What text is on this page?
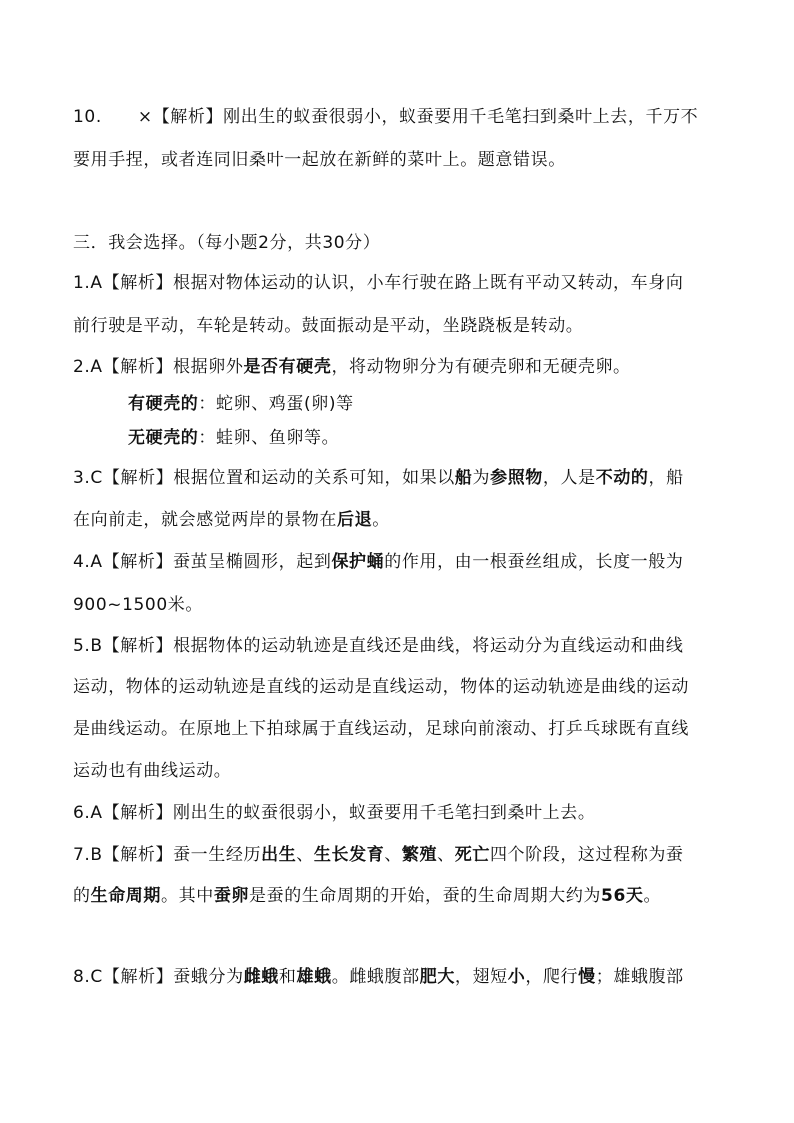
10. ×【解析】刚出生的蚁蚕很弱小，蚁蚕要用千毛笔扫到桑叶上去，千万不
要用手捏，或者连同旧桑叶一起放在新鲜的菜叶上。题意错误。
三．我会选择。（每小题2分，共30分）
1.A【解析】根据对物体运动的认识，小车行驶在路上既有平动又转动，车身向
前行驶是平动，车轮是转动。鼓面振动是平动，坐跷跷板是转动。
2.A【解析】根据卵外是否有硬壳，将动物卵分为有硬壳卵和无硬壳卵。
有硬壳的：蛇卵、鸡蛋(卵)等
无硬壳的：蛙卵、鱼卵等。
3.C【解析】根据位置和运动的关系可知，如果以船为参照物，人是不动的，船
在向前走，就会感觉两岸的景物在后退。
4.A【解析】蚕茧呈椭圆形，起到保护蛹的作用，由一根蚕丝组成，长度一般为
900~1500米。
5.B【解析】根据物体的运动轨迹是直线还是曲线，将运动分为直线运动和曲线
运动，物体的运动轨迹是直线的运动是直线运动，物体的运动轨迹是曲线的运动
是曲线运动。在原地上下拍球属于直线运动，足球向前滚动、打乒乓球既有直线
运动也有曲线运动。
6.A【解析】刚出生的蚁蚕很弱小，蚁蚕要用千毛笔扫到桑叶上去。
7.B【解析】蚕一生经历出生、生长发育、繁殖、死亡四个阶段，这过程称为蚕
的生命周期。其中蚕卵是蚕的生命周期的开始，蚕的生命周期大约为56天。
8.C【解析】蚕蛾分为雌蛾和雄蛾。雌蛾腹部肥大，翅短小，爬行慢；雄蛾腹部
